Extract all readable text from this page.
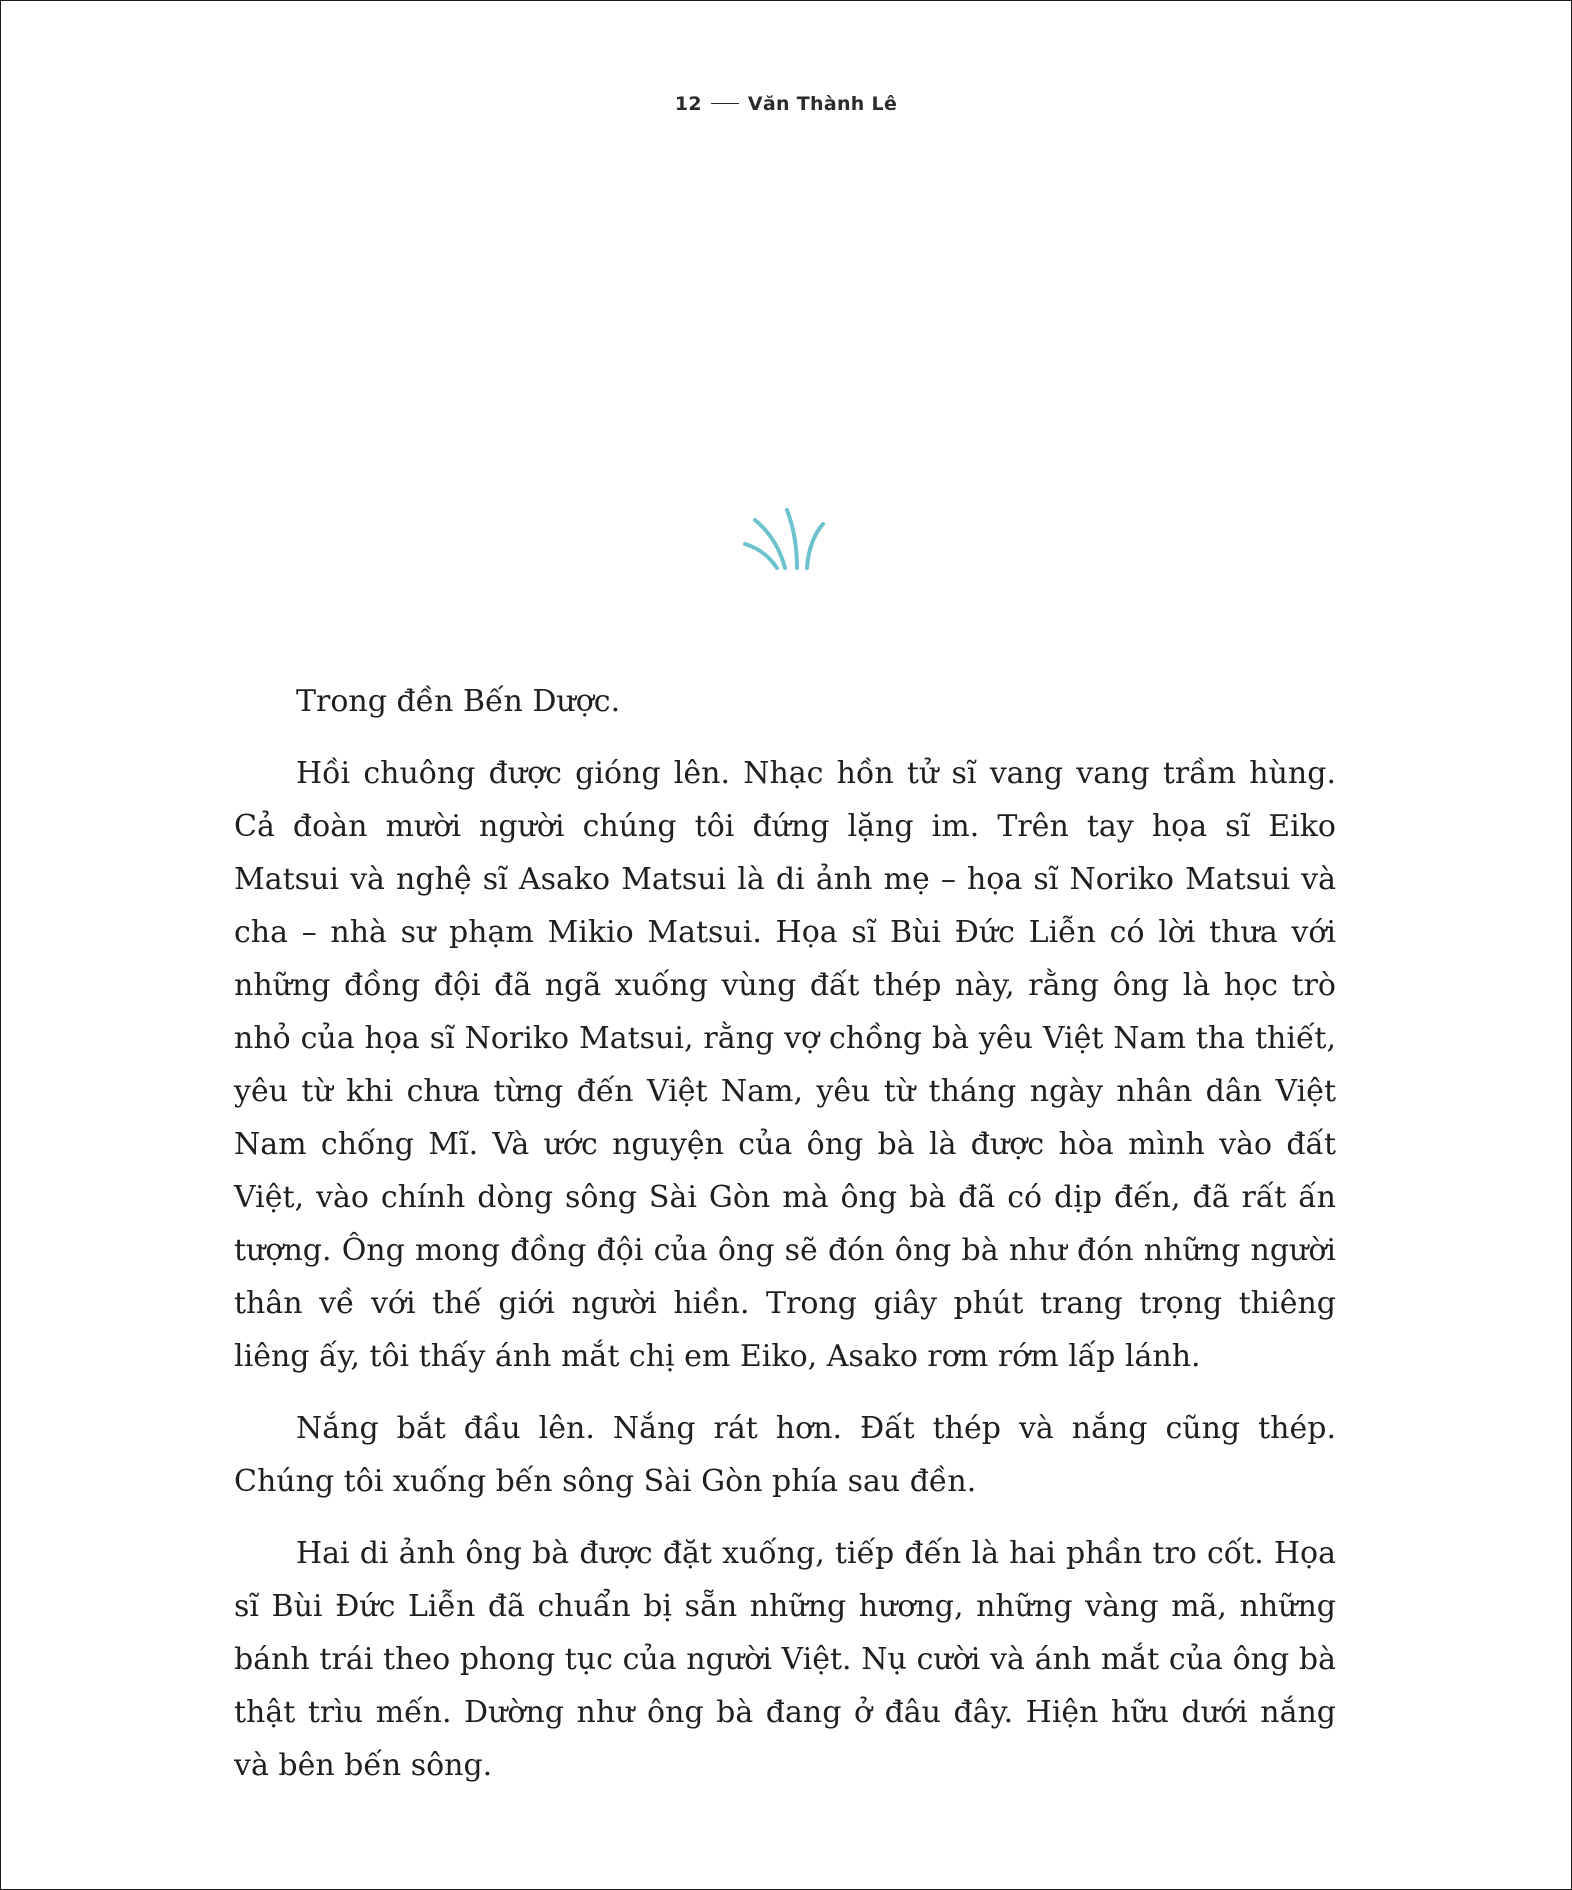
12 Văn Thành Lê

Trong đền Bến Dược.

Hồi chuông được gióng lên. Nhạc hồn tử sĩ vang vang trầm hùng. Cả đoàn mười người chúng tôi đứng lặng im. Trên tay họa sĩ Eiko Matsui và nghệ sĩ Asako Matsui là di ảnh mẹ – họa sĩ Noriko Matsui và cha – nhà sư phạm Mikio Matsui. Họa sĩ Bùi Đức Liễn có lời thưa với những đồng đội đã ngã xuống vùng đất thép này, rằng ông là học trò nhỏ của họa sĩ Noriko Matsui, rằng vợ chồng bà yêu Việt Nam tha thiết, yêu từ khi chưa từng đến Việt Nam, yêu từ tháng ngày nhân dân Việt Nam chống Mĩ. Và ước nguyện của ông bà là được hòa mình vào đất Việt, vào chính dòng sông Sài Gòn mà ông bà đã có dịp đến, đã rất ấn tượng. Ông mong đồng đội của ông sẽ đón ông bà như đón những người thân về với thế giới người hiền. Trong giây phút trang trọng thiêng liêng ấy, tôi thấy ánh mắt chị em Eiko, Asako rơm rớm lấp lánh.

Nắng bắt đầu lên. Nắng rát hơn. Đất thép và nắng cũng thép. Chúng tôi xuống bến sông Sài Gòn phía sau đền.

Hai di ảnh ông bà được đặt xuống, tiếp đến là hai phần tro cốt. Họa sĩ Bùi Đức Liễn đã chuẩn bị sẵn những hương, những vàng mã, những bánh trái theo phong tục của người Việt. Nụ cười và ánh mắt của ông bà thật trìu mến. Dường như ông bà đang ở đâu đây. Hiện hữu dưới nắng và bên bến sông.
